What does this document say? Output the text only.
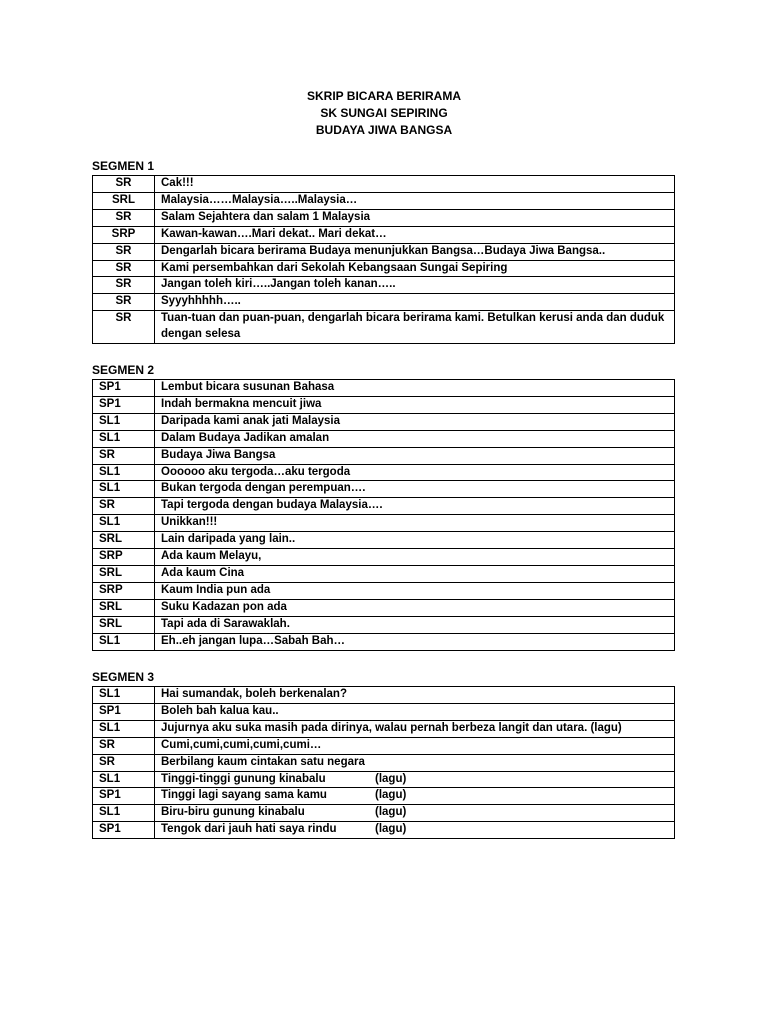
SKRIP BICARA BERIRAMA
SK SUNGAI SEPIRING
BUDAYA JIWA BANGSA
SEGMEN 1
SR	Cak!!!
SRL	Malaysia……Malaysia…..Malaysia…
SR	Salam Sejahtera dan salam 1 Malaysia
SRP	Kawan-kawan….Mari dekat.. Mari dekat…
SR	Dengarlah bicara berirama Budaya menunjukkan Bangsa…Budaya Jiwa Bangsa..
SR	Kami persembahkan dari Sekolah Kebangsaan Sungai Sepiring
SR	Jangan toleh kiri…..Jangan toleh kanan…..
SR	Syyyhhhhh…..
SR	Tuan-tuan dan puan-puan, dengarlah bicara berirama kami. Betulkan kerusi anda dan duduk dengan selesa
SEGMEN 2
SP1	Lembut bicara susunan Bahasa
SP1	Indah bermakna mencuit jiwa
SL1	Daripada kami anak jati Malaysia
SL1	Dalam Budaya Jadikan amalan
SR	Budaya Jiwa Bangsa
SL1	Oooooo aku tergoda…aku tergoda
SL1	Bukan tergoda dengan perempuan….
SR	Tapi tergoda dengan budaya Malaysia….
SL1	Unikkan!!!
SRL	Lain daripada yang lain..
SRP	Ada kaum Melayu,
SRL	Ada kaum Cina
SRP	Kaum India pun ada
SRL	Suku Kadazan pon ada
SRL	Tapi ada di Sarawaklah.
SL1	Eh..eh jangan lupa…Sabah Bah…
SEGMEN 3
SL1	Hai sumandak, boleh berkenalan?
SP1	Boleh bah kalua kau..
SL1	Jujurnya aku suka masih pada dirinya, walau pernah berbeza langit dan utara. (lagu)
SR	Cumi,cumi,cumi,cumi,cumi…
SR	Berbilang kaum cintakan satu negara
SL1	Tinggi-tinggi gunung kinabalu (lagu)
SP1	Tinggi lagi sayang sama kamu (lagu)
SL1	Biru-biru gunung kinabalu (lagu)
SP1	Tengok dari jauh hati saya rindu (lagu)
